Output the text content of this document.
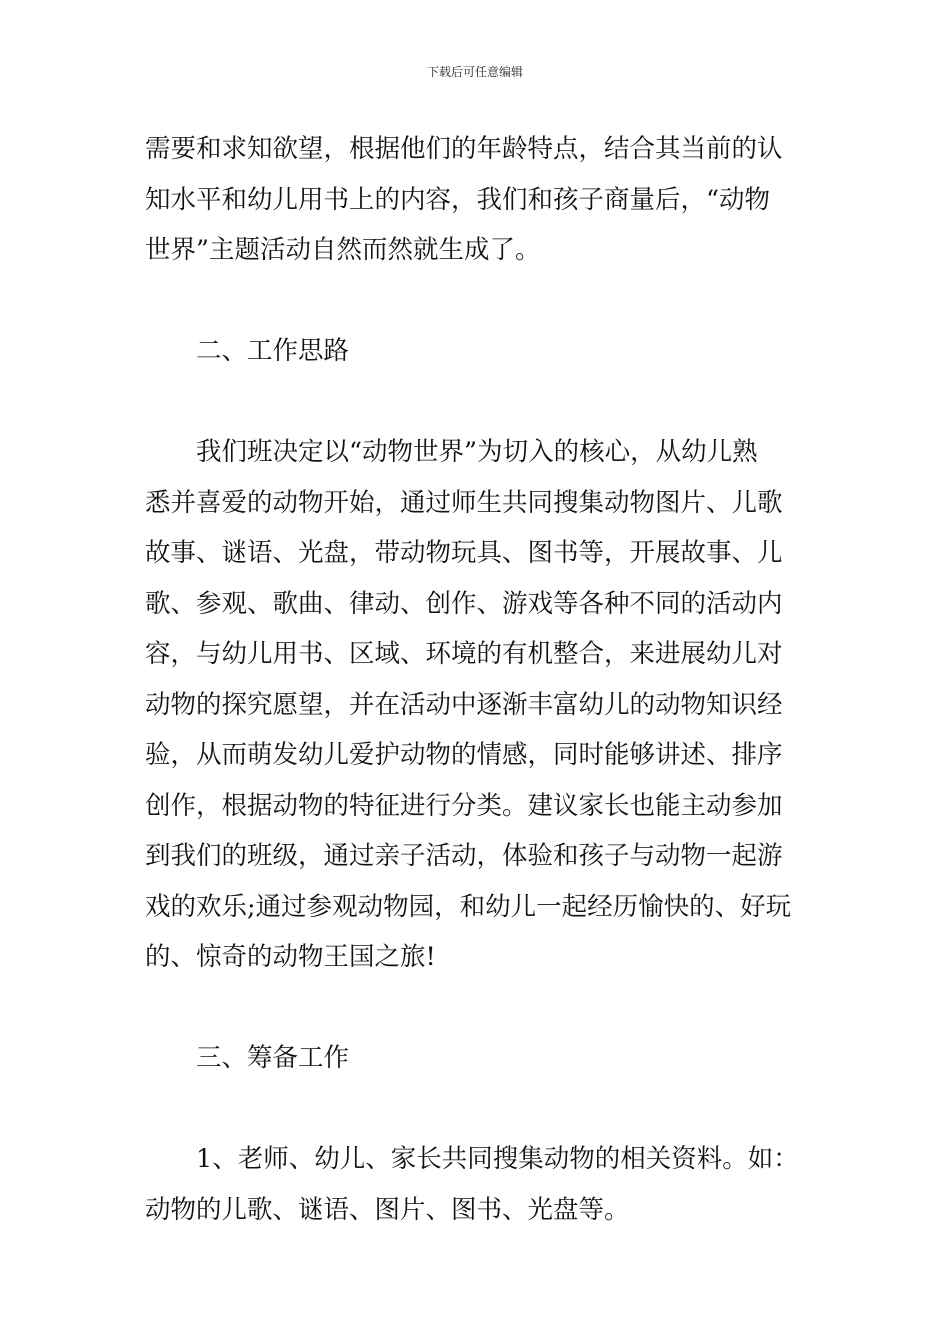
下载后可任意编辑

需要和求知欲望，根据他们的年龄特点，结合其当前的认

知水平和幼儿用书上的内容，我们和孩子商量后，“动物

世界”主题活动自然而然就生成了。

二、工作思路

我们班决定以“动物世界”为切入的核心，从幼儿熟

悉并喜爱的动物开始，通过师生共同搜集动物图片、儿歌

故事、谜语、光盘，带动物玩具、图书等，开展故事、儿

歌、参观、歌曲、律动、创作、游戏等各种不同的活动内

容，与幼儿用书、区域、环境的有机整合，来进展幼儿对

动物的探究愿望，并在活动中逐渐丰富幼儿的动物知识经

验，从而萌发幼儿爱护动物的情感，同时能够讲述、排序

创作，根据动物的特征进行分类。建议家长也能主动参加

到我们的班级，通过亲子活动，体验和孩子与动物一起游

戏的欢乐;通过参观动物园，和幼儿一起经历愉快的、好玩

的、惊奇的动物王国之旅!

三、筹备工作

1、老师、幼儿、家长共同搜集动物的相关资料。如：

动物的儿歌、谜语、图片、图书、光盘等。
